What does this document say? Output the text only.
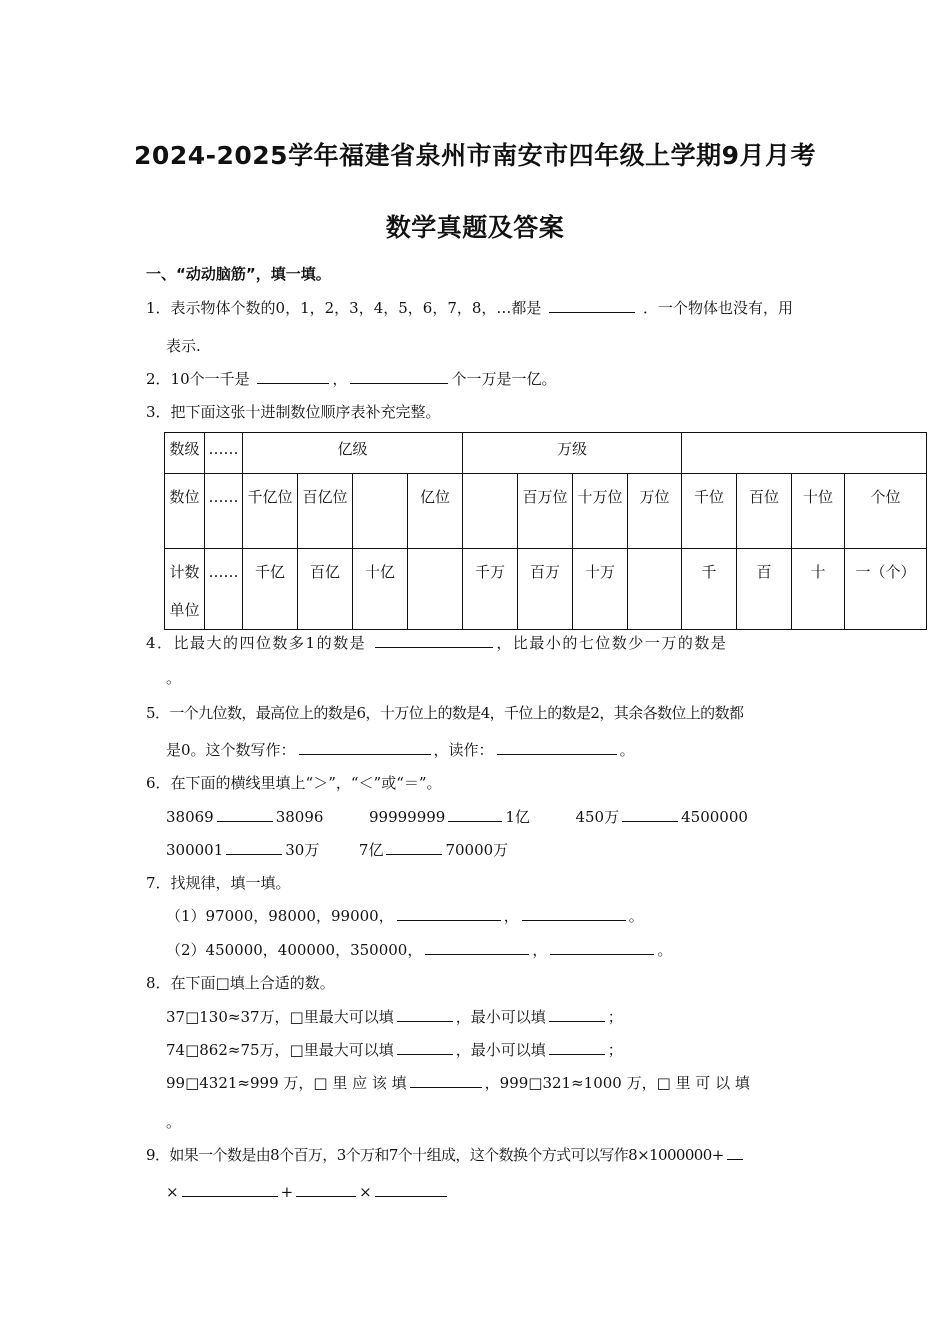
2024-2025学年福建省泉州市南安市四年级上学期9月月考
数学真题及答案
一、“动动脑筋”，填一填。
1．表示物体个数的0，1，2，3，4，5，6，7，8，…都是	．一个物体也没有，用
表示.
2．10个一千是	，	个一万是一亿。
3．把下面这张十进制数位顺序表补充完整。
数级	……	亿级				万级							
数位	……	千亿位	百亿位		亿位		百万位	十万位	万位	千位	百位	十位	个位
计数单位	……	千亿	百亿	十亿		千万	百万	十万		千	百	十	一（个）
4．比最大的四位数多1的数是	，比最小的七位数少一万的数是
。
5．一个九位数，最高位上的数是6，十万位上的数是4，千位上的数是2，其余各数位上的数都
是0。这个数写作：	，读作：	。
6．在下面的横线里填上“＞”，“＜”或“＝”。
38069	38096	99999999	1亿	450万	4500000
300001	30万	7亿	70000万
7．找规律，填一填。
（1）97000，98000，99000，	，	。
（2）450000，400000，350000，	，	。
8．在下面□填上合适的数。
37□130≈37万，□里最大可以填	，最小可以填	；
74□862≈75万，□里最大可以填	，最小可以填	；
99□4321≈999 万，□ 里 应 该 填	，999□321≈1000 万，□ 里 可 以 填
。
9．如果一个数是由8个百万，3个万和7个十组成，这个数换个方式可以写作8×1000000+
×	+	×
